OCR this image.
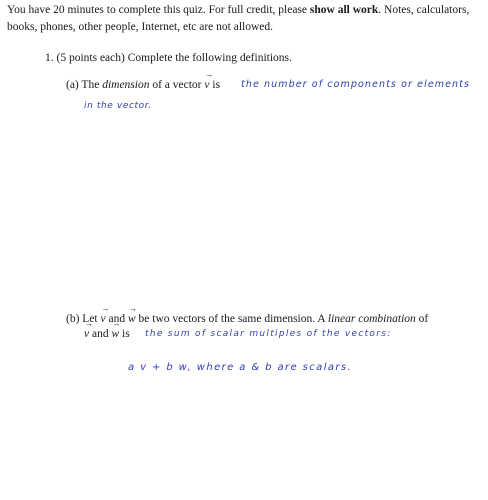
You have 20 minutes to complete this quiz. For full credit, please show all work. Notes, calculators, books, phones, other people, Internet, etc are not allowed.
1. (5 points each) Complete the following definitions.
(a) The dimension of a vector → v is the number of components or elements
in the vector.
(b) Let → v and → w be two vectors of the same dimension. A linear combination of
→ v and → w is the sum of scalar multiples of the vectors:
a v + b w, where a & b are scalars.
